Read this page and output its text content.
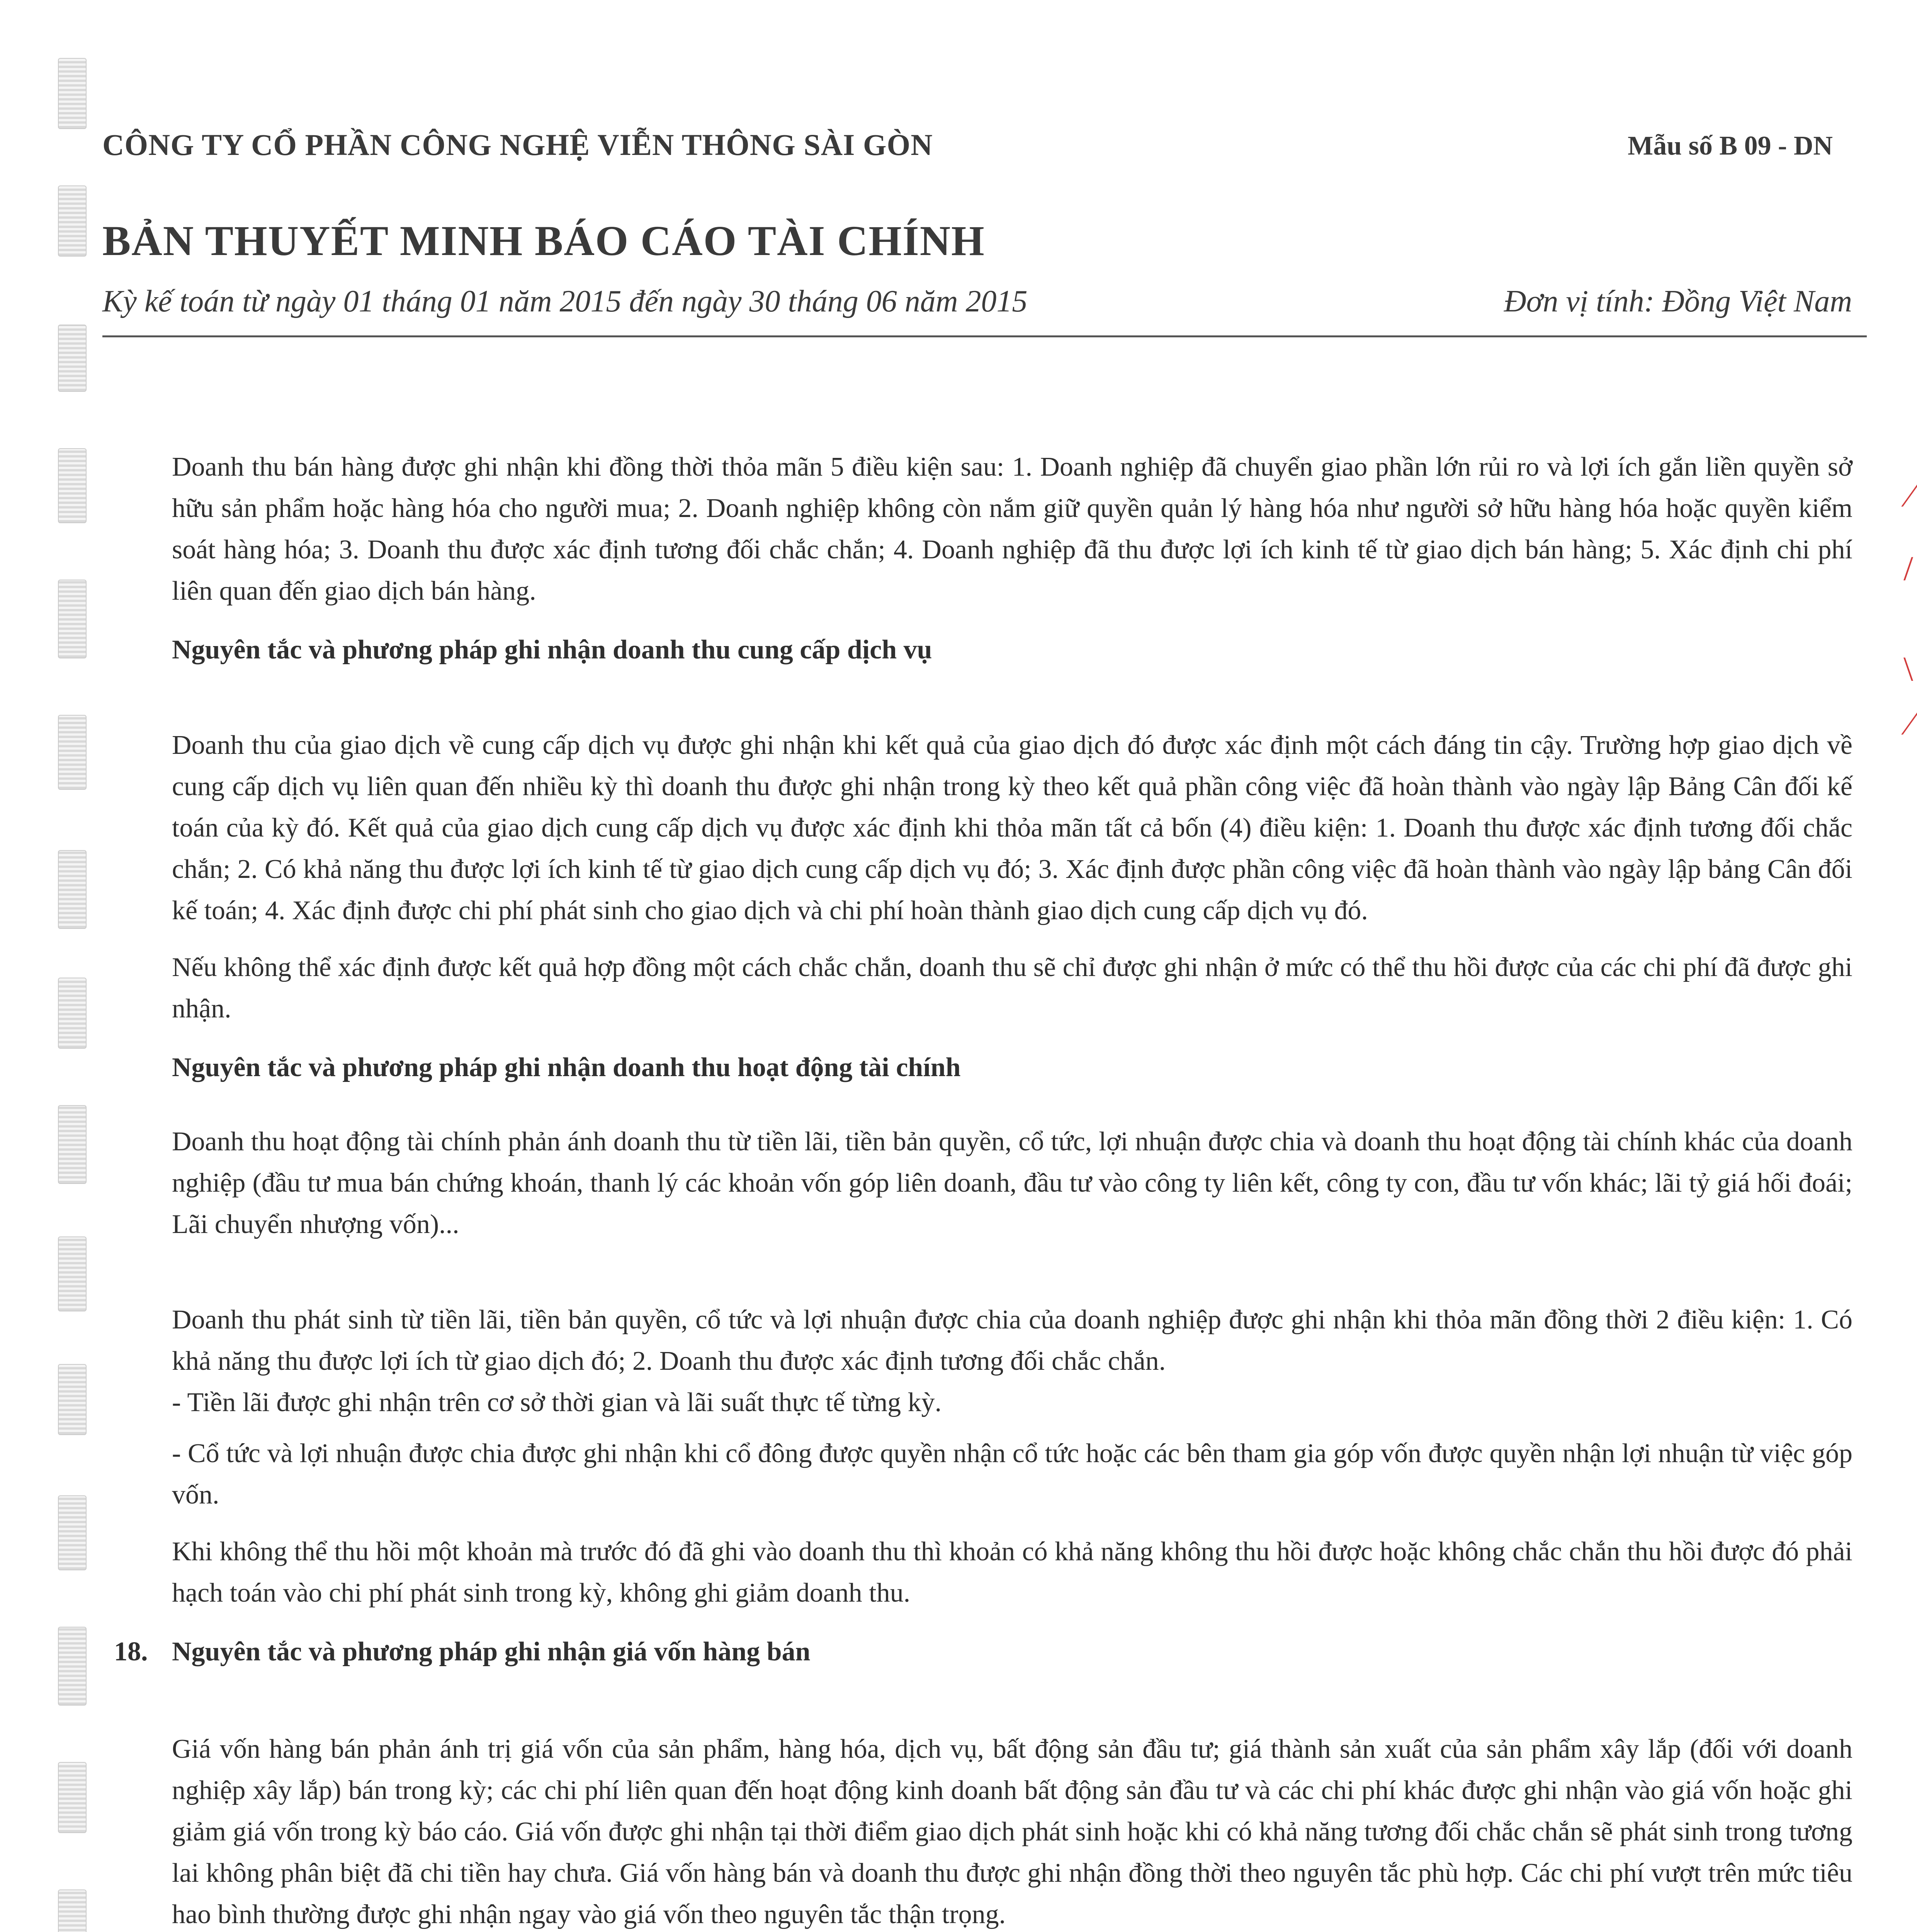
⁄
/
\
⁄
CÔNG TY CỔ PHẦN CÔNG NGHỆ VIỄN THÔNG SÀI GÒN	Mẫu số B 09 - DN
BẢN THUYẾT MINH BÁO CÁO TÀI CHÍNH
Kỳ kế toán từ ngày 01 tháng 01 năm 2015 đến ngày 30 tháng 06 năm 2015	Đơn vị tính: Đồng Việt Nam

Doanh thu bán hàng được ghi nhận khi đồng thời thỏa mãn 5 điều kiện sau: 1. Doanh nghiệp đã chuyển giao phần lớn rủi ro và lợi ích gắn liền quyền sở hữu sản phẩm hoặc hàng hóa cho người mua; 2. Doanh nghiệp không còn nắm giữ quyền quản lý hàng hóa như người sở hữu hàng hóa hoặc quyền kiểm soát hàng hóa; 3. Doanh thu được xác định tương đối chắc chắn; 4. Doanh nghiệp đã thu được lợi ích kinh tế từ giao dịch bán hàng; 5. Xác định chi phí liên quan đến giao dịch bán hàng.

Nguyên tắc và phương pháp ghi nhận doanh thu cung cấp dịch vụ

Doanh thu của giao dịch về cung cấp dịch vụ được ghi nhận khi kết quả của giao dịch đó được xác định một cách đáng tin cậy. Trường hợp giao dịch về cung cấp dịch vụ liên quan đến nhiều kỳ thì doanh thu được ghi nhận trong kỳ theo kết quả phần công việc đã hoàn thành vào ngày lập Bảng Cân đối kế toán của kỳ đó. Kết quả của giao dịch cung cấp dịch vụ được xác định khi thỏa mãn tất cả bốn (4) điều kiện: 1. Doanh thu được xác định tương đối chắc chắn; 2. Có khả năng thu được lợi ích kinh tế từ giao dịch cung cấp dịch vụ đó; 3. Xác định được phần công việc đã hoàn thành vào ngày lập bảng Cân đối kế toán; 4. Xác định được chi phí phát sinh cho giao dịch và chi phí hoàn thành giao dịch cung cấp dịch vụ đó.

Nếu không thể xác định được kết quả hợp đồng một cách chắc chắn, doanh thu sẽ chỉ được ghi nhận ở mức có thể thu hồi được của các chi phí đã được ghi nhận.

Nguyên tắc và phương pháp ghi nhận doanh thu hoạt động tài chính

Doanh thu hoạt động tài chính phản ánh doanh thu từ tiền lãi, tiền bản quyền, cổ tức, lợi nhuận được chia và doanh thu hoạt động tài chính khác của doanh nghiệp (đầu tư mua bán chứng khoán, thanh lý các khoản vốn góp liên doanh, đầu tư vào công ty liên kết, công ty con, đầu tư vốn khác; lãi tỷ giá hối đoái; Lãi chuyển nhượng vốn)...

Doanh thu phát sinh từ tiền lãi, tiền bản quyền, cổ tức và lợi nhuận được chia của doanh nghiệp được ghi nhận khi thỏa mãn đồng thời 2 điều kiện: 1. Có khả năng thu được lợi ích từ giao dịch đó; 2. Doanh thu được xác định tương đối chắc chắn.

- Tiền lãi được ghi nhận trên cơ sở thời gian và lãi suất thực tế từng kỳ.

- Cổ tức và lợi nhuận được chia được ghi nhận khi cổ đông được quyền nhận cổ tức hoặc các bên tham gia góp vốn được quyền nhận lợi nhuận từ việc góp vốn.

Khi không thể thu hồi một khoản mà trước đó đã ghi vào doanh thu thì khoản có khả năng không thu hồi được hoặc không chắc chắn thu hồi được đó phải hạch toán vào chi phí phát sinh trong kỳ, không ghi giảm doanh thu.

18. Nguyên tắc và phương pháp ghi nhận giá vốn hàng bán

Giá vốn hàng bán phản ánh trị giá vốn của sản phẩm, hàng hóa, dịch vụ, bất động sản đầu tư; giá thành sản xuất của sản phẩm xây lắp (đối với doanh nghiệp xây lắp) bán trong kỳ; các chi phí liên quan đến hoạt động kinh doanh bất động sản đầu tư và các chi phí khác được ghi nhận vào giá vốn hoặc ghi giảm giá vốn trong kỳ báo cáo. Giá vốn được ghi nhận tại thời điểm giao dịch phát sinh hoặc khi có khả năng tương đối chắc chắn sẽ phát sinh trong tương lai không phân biệt đã chi tiền hay chưa. Giá vốn hàng bán và doanh thu được ghi nhận đồng thời theo nguyên tắc phù hợp. Các chi phí vượt trên mức tiêu hao bình thường được ghi nhận ngay vào giá vốn theo nguyên tắc thận trọng.
